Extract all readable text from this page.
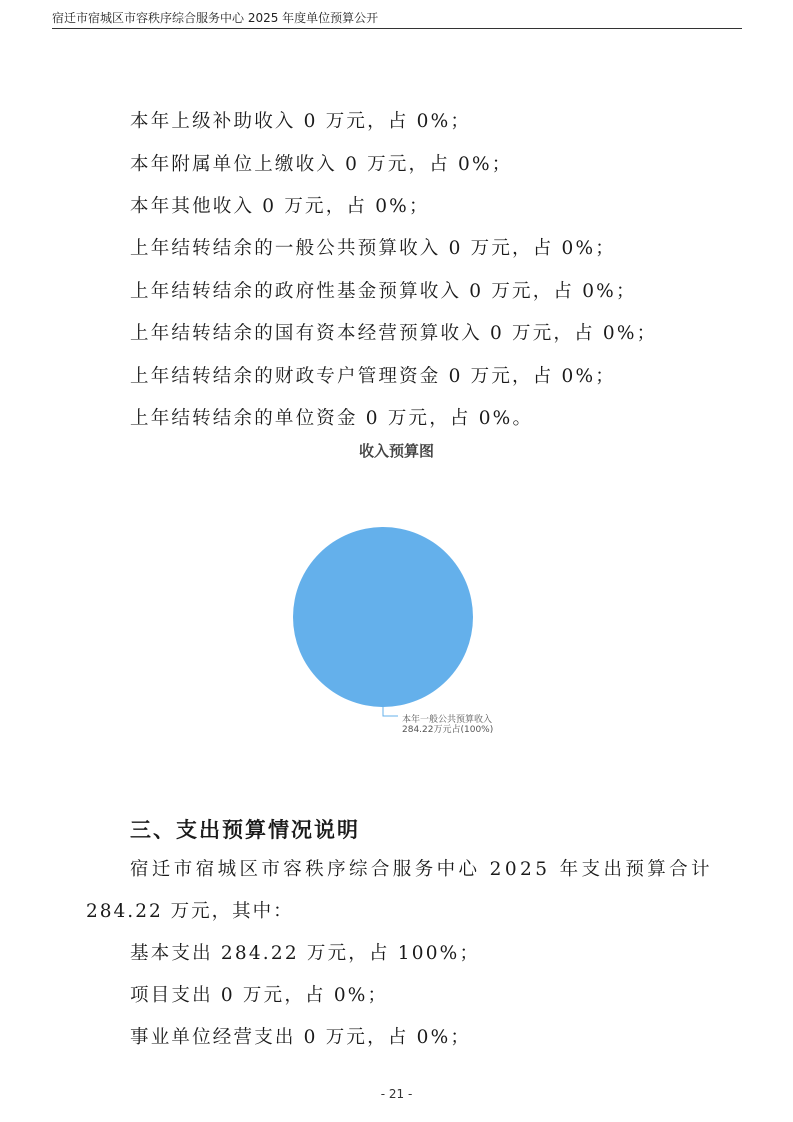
宿迁市宿城区市容秩序综合服务中心 2025 年度单位预算公开
本年上级补助收入 0 万元，占 0%；
本年附属单位上缴收入 0 万元，占 0%；
本年其他收入 0 万元，占 0%；
上年结转结余的一般公共预算收入 0 万元，占 0%；
上年结转结余的政府性基金预算收入 0 万元，占 0%；
上年结转结余的国有资本经营预算收入 0 万元，占 0%；
上年结转结余的财政专户管理资金 0 万元，占 0%；
上年结转结余的单位资金 0 万元，占 0%。
收入预算图
本年一般公共预算收入
284.22万元占(100%)
三、支出预算情况说明
宿迁市宿城区市容秩序综合服务中心 2025 年支出预算合计
284.22 万元，其中：
基本支出 284.22 万元，占 100%；
项目支出 0 万元，占 0%；
事业单位经营支出 0 万元，占 0%；
- 21 -
